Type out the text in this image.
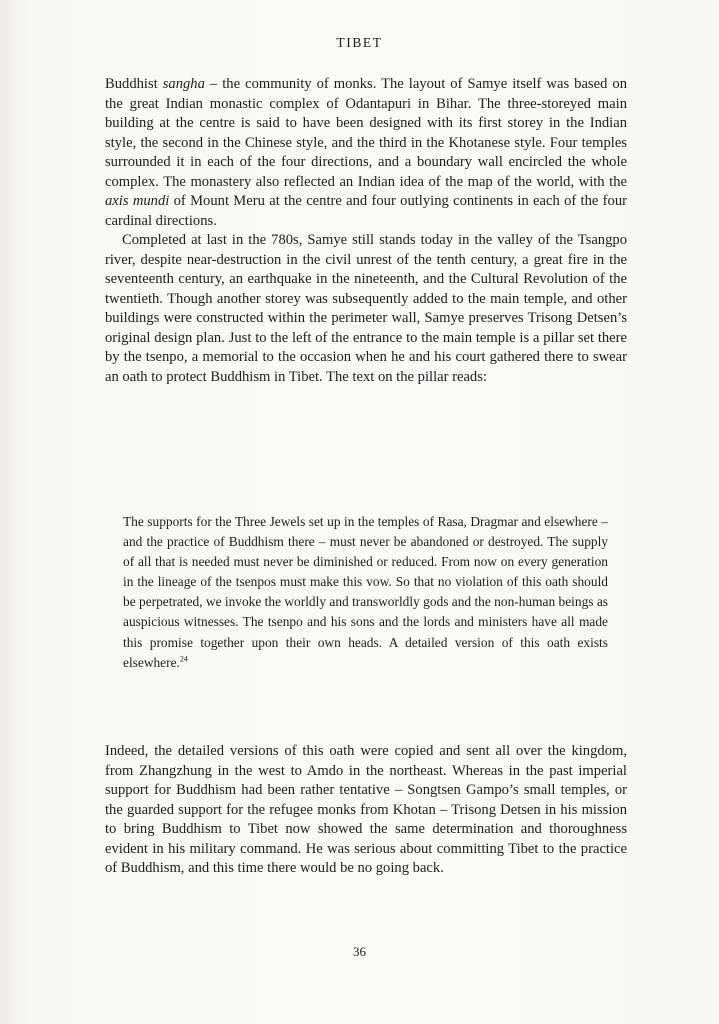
TIBET

Buddhist sangha – the community of monks. The layout of Samye itself was based on the great Indian monastic complex of Odantapuri in Bihar. The three-storeyed main building at the centre is said to have been designed with its first storey in the Indian style, the second in the Chinese style, and the third in the Khotanese style. Four temples surrounded it in each of the four directions, and a boundary wall encircled the whole complex. The monastery also reflected an Indian idea of the map of the world, with the axis mundi of Mount Meru at the centre and four outlying continents in each of the four cardinal directions.

Completed at last in the 780s, Samye still stands today in the valley of the Tsangpo river, despite near-destruction in the civil unrest of the tenth century, a great fire in the seventeenth century, an earthquake in the nineteenth, and the Cultural Revolution of the twentieth. Though another storey was subsequently added to the main temple, and other buildings were constructed within the perimeter wall, Samye preserves Trisong Detsen’s original design plan. Just to the left of the entrance to the main temple is a pillar set there by the tsenpo, a memorial to the occasion when he and his court gathered there to swear an oath to protect Buddhism in Tibet. The text on the pillar reads:

The supports for the Three Jewels set up in the temples of Rasa, Dragmar and elsewhere – and the practice of Buddhism there – must never be abandoned or destroyed. The supply of all that is needed must never be diminished or reduced. From now on every generation in the lineage of the tsenpos must make this vow. So that no violation of this oath should be perpetrated, we invoke the worldly and transworldly gods and the non-human beings as auspicious witnesses. The tsenpo and his sons and the lords and ministers have all made this promise together upon their own heads. A detailed version of this oath exists elsewhere.$^{24}$

Indeed, the detailed versions of this oath were copied and sent all over the kingdom, from Zhangzhung in the west to Amdo in the northeast. Whereas in the past imperial support for Buddhism had been rather tentative – Songtsen Gampo’s small temples, or the guarded support for the refugee monks from Khotan – Trisong Detsen in his mission to bring Buddhism to Tibet now showed the same determination and thoroughness evident in his military command. He was serious about committing Tibet to the practice of Buddhism, and this time there would be no going back.

36
